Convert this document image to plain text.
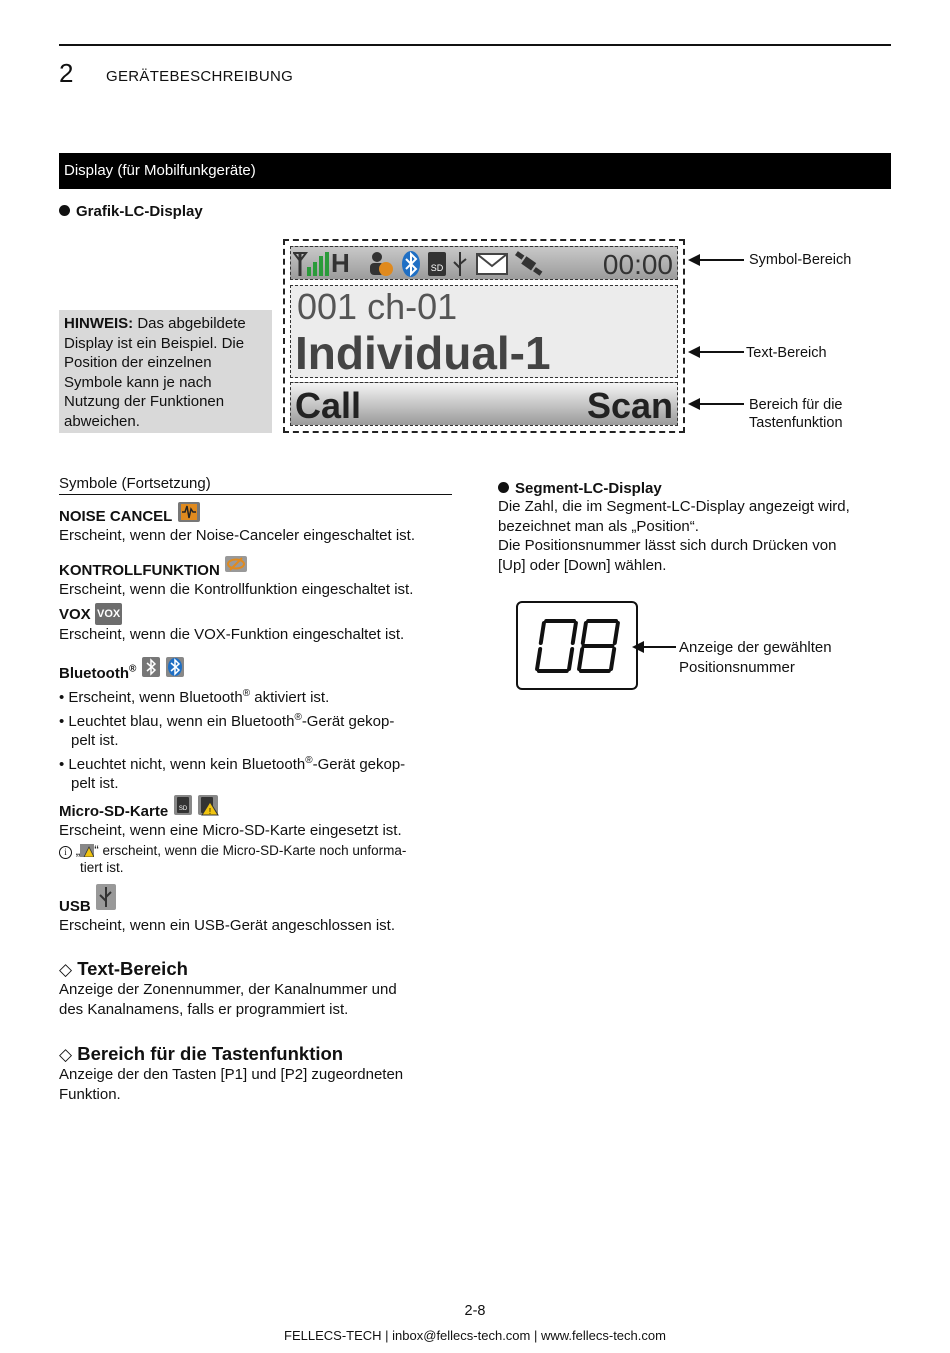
2 GERÄTEBESCHREIBUNG
Display (für Mobilfunkgeräte)
Grafik-LC-Display
HINWEIS: Das abgebildete Display ist ein Beispiel. Die Position der einzelnen Symbole kann je nach Nutzung der Funktionen abweichen.
H	SD	00:00
001 ch-01
Individual-1
Call	Scan
Symbol-Bereich
Text-Bereich
Bereich für die
Tastenfunktion
Symbole (Fortsetzung)
NOISE CANCEL
Erscheint, wenn der Noise-Canceler eingeschaltet ist.
KONTROLLFUNKTION
Erscheint, wenn die Kontrollfunktion eingeschaltet ist.
VOX VOX
Erscheint, wenn die VOX-Funktion eingeschaltet ist.
Bluetooth®
• Erscheint, wenn Bluetooth® aktiviert ist.
• Leuchtet blau, wenn ein Bluetooth®-Gerät gekop-
pelt ist.
• Leuchtet nicht, wenn kein Bluetooth®-Gerät gekop-
pelt ist.
Micro-SD-Karte SD
	!
Erscheint, wenn eine Micro-SD-Karte eingesetzt ist.
i „ “ erscheint, wenn die Micro-SD-Karte noch unforma-
tiert ist.
USB
Erscheint, wenn ein USB-Gerät angeschlossen ist.
◇ Text-Bereich
Anzeige der Zonennummer, der Kanalnummer und
des Kanalnamens, falls er programmiert ist.
◇ Bereich für die Tastenfunktion
Anzeige der den Tasten [P1] und [P2] zugeordneten
Funktion.
Segment-LC-Display
Die Zahl, die im Segment-LC-Display angezeigt wird,
bezeichnet man als „Position“.
Die Positionsnummer lässt sich durch Drücken von
[Up] oder [Down] wählen.
Anzeige der gewählten
Positionsnummer
2-8
FELLECS-TECH | inbox@fellecs-tech.com | www.fellecs-tech.com
